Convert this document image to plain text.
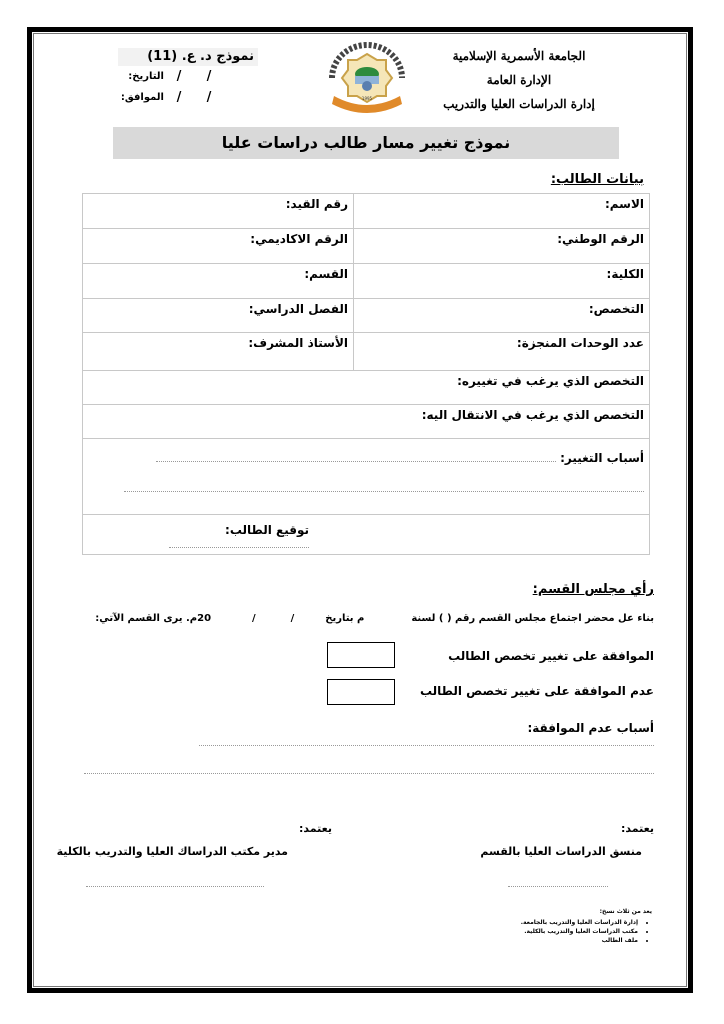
الجامعة الأسمرية الإسلامية
الإدارة العامة
إدارة الدراسات العليا والتدريب
1995
نموذج د. ع. (11)
التاريخ: /	/
الموافق: /	/
نموذج تغيير مسار طالب دراسات عليا
بيانات الطالب:
الاسم:	رقم القيد:
الرقم الوطني:	الرقم الاكاديمي:
الكلية:	القسم:
التخصص:	الفصل الدراسي:
عدد الوحدات المنجزة:	الأستاذ المشرف:
التخصص الذي يرغب في تغييره:	
التخصص الذي يرغب في الانتقال اليه:	
أسباب التغيير:	

توقيع الطالب:	
رأي مجلس القسم:
بناء عل محضر اجتماع مجلس القسم رقم ( ) لسنة  م بتاريخ  /  /  20م. يرى القسم الآتي:
الموافقة على تغيير تخصص الطالب
عدم الموافقة على تغيير تخصص الطالب
أسباب عدم الموافقة:
يعتمد:
منسق الدراسات العليا بالقسم
يعتمد:
مدير مكتب الدراساك العليا والتدريب بالكلية
يعد من ثلاث نسخ:
• إدارة الدراسات العليا والتدريب بالجامعة.
• مكتب الدراسات العليا والتدريب بالكلية.
• ملف الطالب
